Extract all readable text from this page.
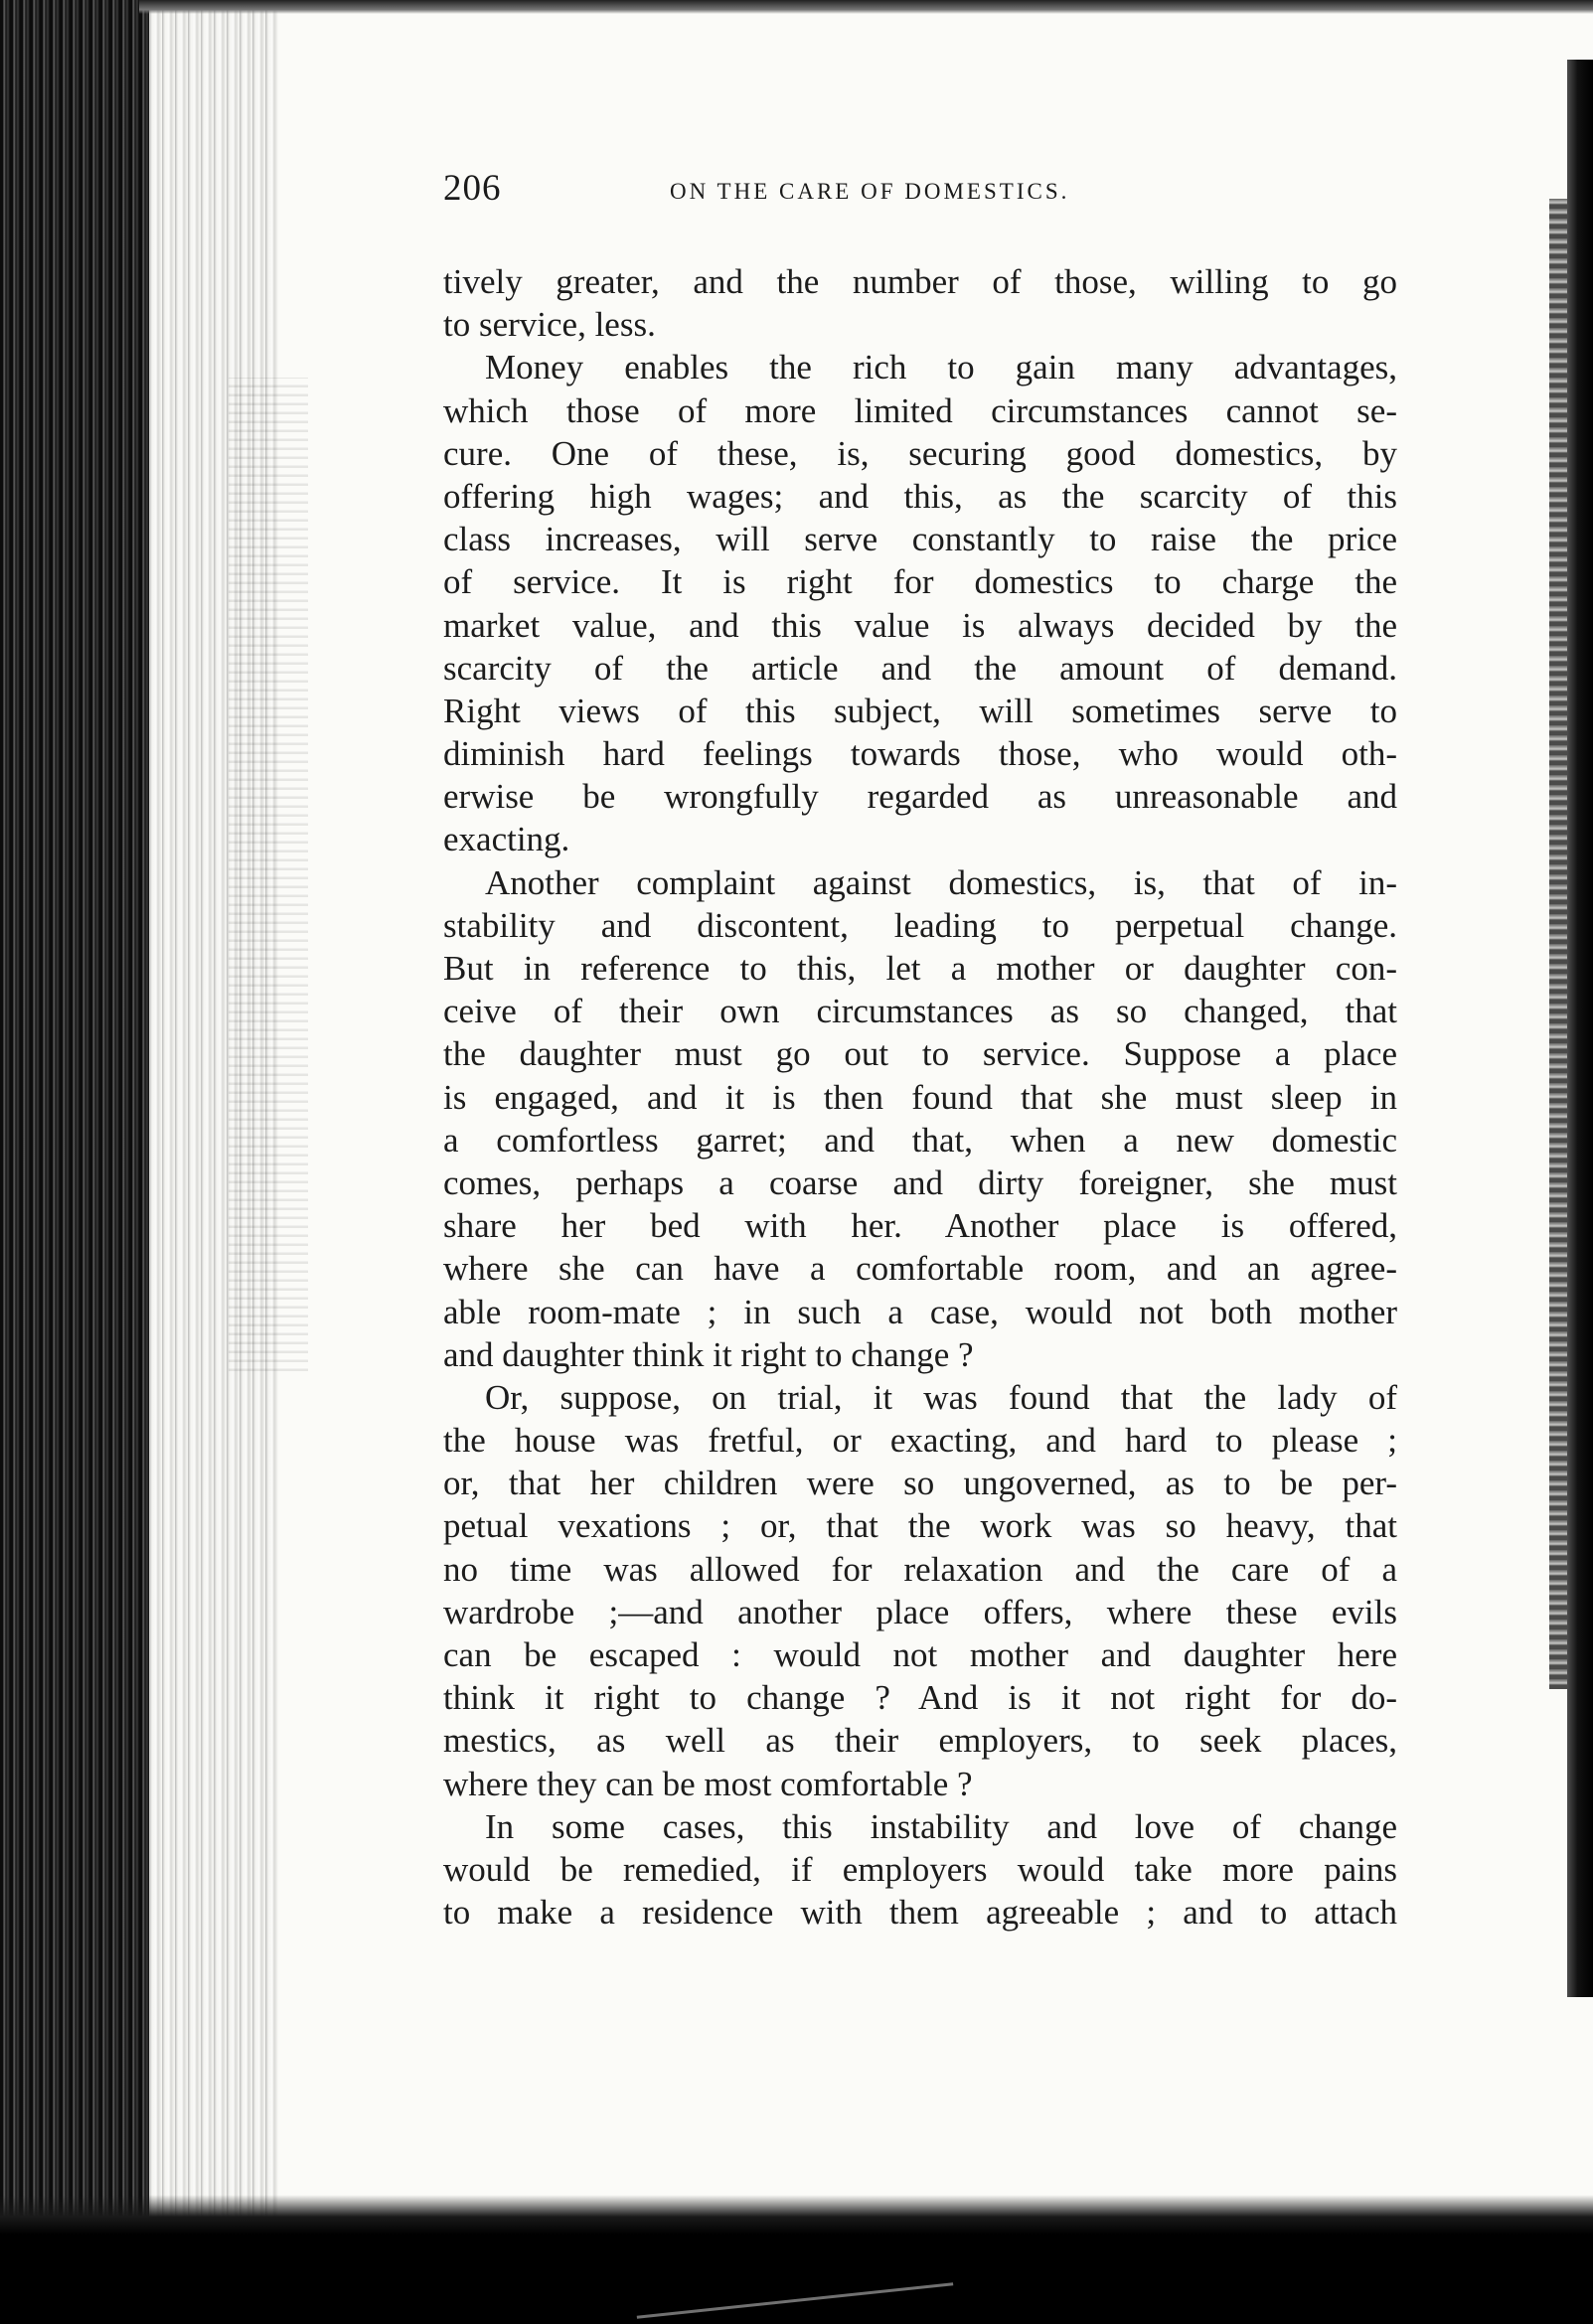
206	ON THE CARE OF DOMESTICS.
tively greater, and the number of those, willing to go
to service, less.
Money enables the rich to gain many advantages,
which those of more limited circumstances cannot se-
cure. One of these, is, securing good domestics, by
offering high wages; and this, as the scarcity of this
class increases, will serve constantly to raise the price
of service. It is right for domestics to charge the
market value, and this value is always decided by the
scarcity of the article and the amount of demand.
Right views of this subject, will sometimes serve to
diminish hard feelings towards those, who would oth-
erwise be wrongfully regarded as unreasonable and
exacting.
Another complaint against domestics, is, that of in-
stability and discontent, leading to perpetual change.
But in reference to this, let a mother or daughter con-
ceive of their own circumstances as so changed, that
the daughter must go out to service. Suppose a place
is engaged, and it is then found that she must sleep in
a comfortless garret; and that, when a new domestic
comes, perhaps a coarse and dirty foreigner, she must
share her bed with her. Another place is offered,
where she can have a comfortable room, and an agree-
able room-mate ; in such a case, would not both mother
and daughter think it right to change ?
Or, suppose, on trial, it was found that the lady of
the house was fretful, or exacting, and hard to please ;
or, that her children were so ungoverned, as to be per-
petual vexations ; or, that the work was so heavy, that
no time was allowed for relaxation and the care of a
wardrobe ;—and another place offers, where these evils
can be escaped : would not mother and daughter here
think it right to change ? And is it not right for do-
mestics, as well as their employers, to seek places,
where they can be most comfortable ?
In some cases, this instability and love of change
would be remedied, if employers would take more pains
to make a residence with them agreeable ; and to attach
